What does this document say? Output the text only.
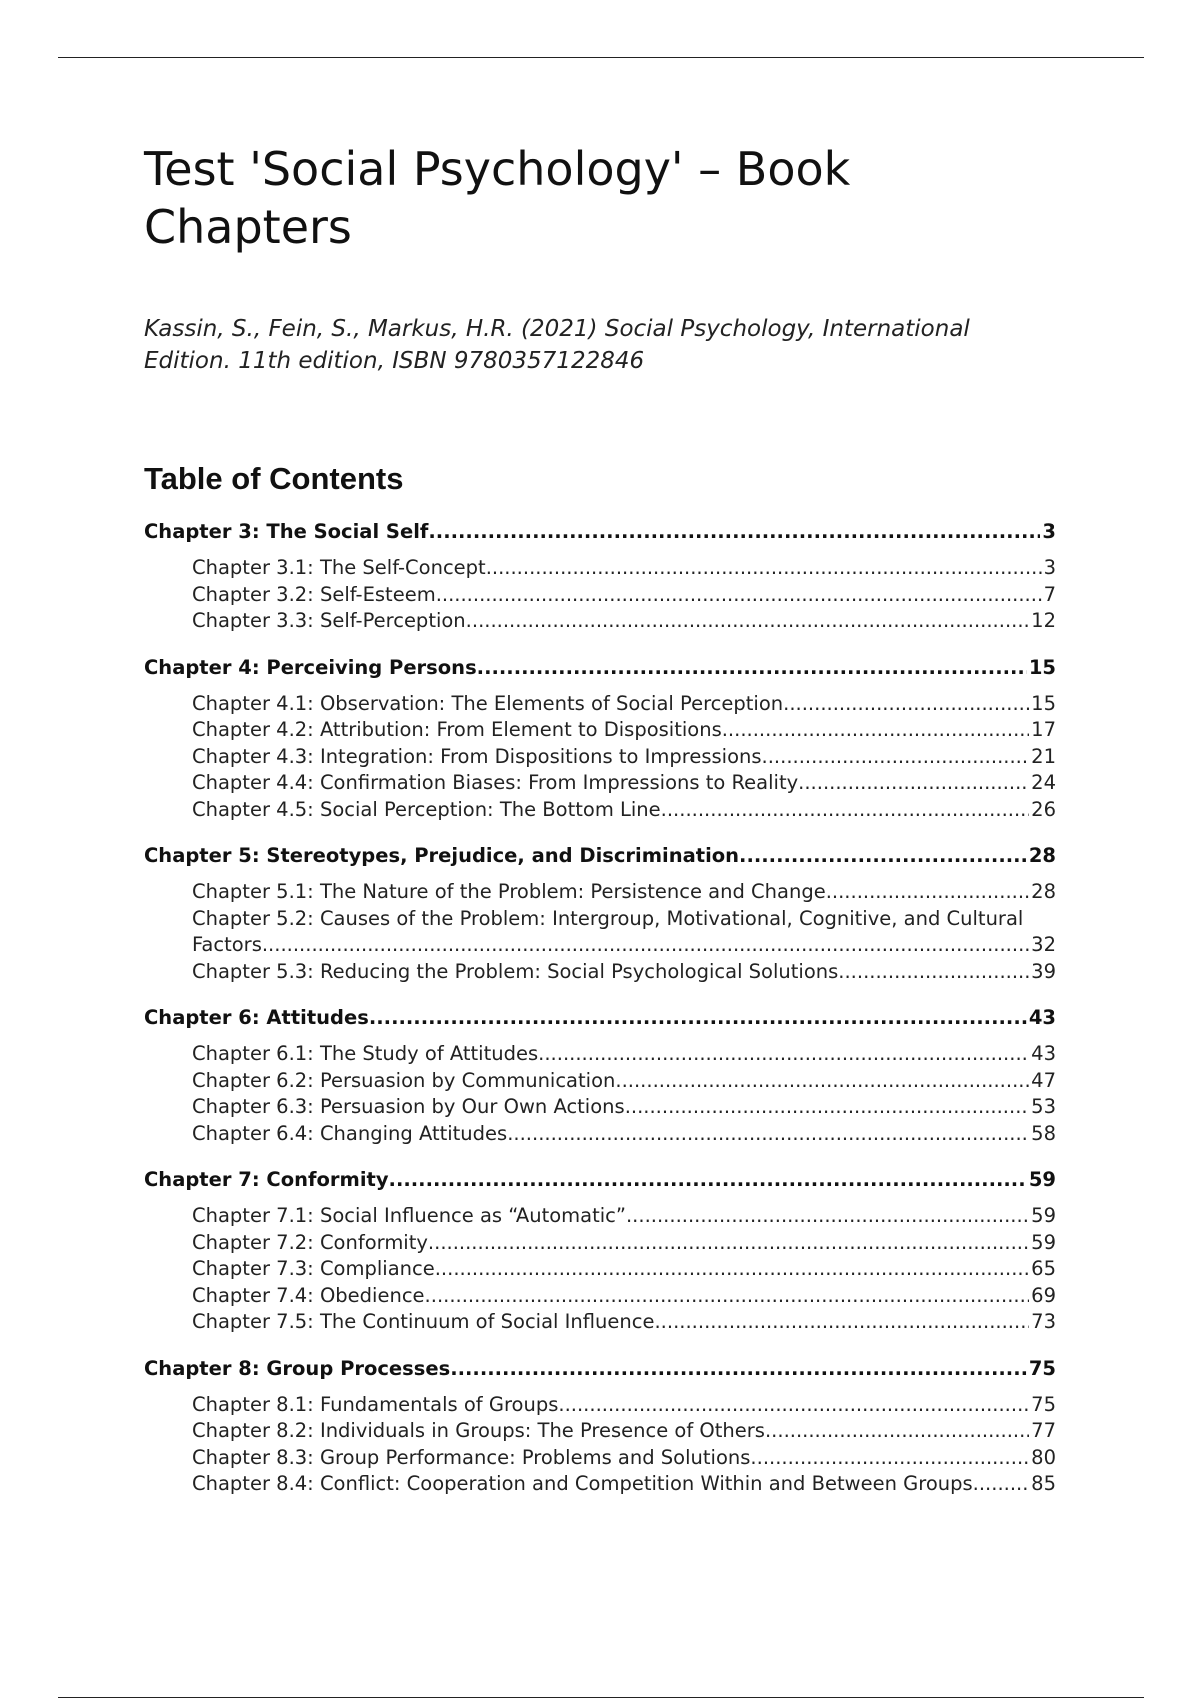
Test 'Social Psychology' – Book Chapters

Kassin, S., Fein, S., Markus, H.R. (2021) Social Psychology, International Edition. 11th edition, ISBN 9780357122846

Table of Contents
Chapter 3: The Social Self .....	3
Chapter 3.1: The Self-Concept .....	3
Chapter 3.2: Self-Esteem .....	7
Chapter 3.3: Self-Perception .....	12
Chapter 4: Perceiving Persons .....	15
Chapter 4.1: Observation: The Elements of Social Perception .....	15
Chapter 4.2: Attribution: From Element to Dispositions .....	17
Chapter 4.3: Integration: From Dispositions to Impressions .....	21
Chapter 4.4: Confirmation Biases: From Impressions to Reality .....	24
Chapter 4.5: Social Perception: The Bottom Line .....	26
Chapter 5: Stereotypes, Prejudice, and Discrimination .....	28
Chapter 5.1: The Nature of the Problem: Persistence and Change .....	28
Chapter 5.2: Causes of the Problem: Intergroup, Motivational, Cognitive, and Cultural
Factors .....	32
Chapter 5.3: Reducing the Problem: Social Psychological Solutions .....	39
Chapter 6: Attitudes .....	43
Chapter 6.1: The Study of Attitudes .....	43
Chapter 6.2: Persuasion by Communication .....	47
Chapter 6.3: Persuasion by Our Own Actions .....	53
Chapter 6.4: Changing Attitudes .....	58
Chapter 7: Conformity .....	59
Chapter 7.1: Social Influence as “Automatic” .....	59
Chapter 7.2: Conformity .....	59
Chapter 7.3: Compliance .....	65
Chapter 7.4: Obedience .....	69
Chapter 7.5: The Continuum of Social Influence .....	73
Chapter 8: Group Processes .....	75
Chapter 8.1: Fundamentals of Groups .....	75
Chapter 8.2: Individuals in Groups: The Presence of Others .....	77
Chapter 8.3: Group Performance: Problems and Solutions .....	80
Chapter 8.4: Conflict: Cooperation and Competition Within and Between Groups .....	85
